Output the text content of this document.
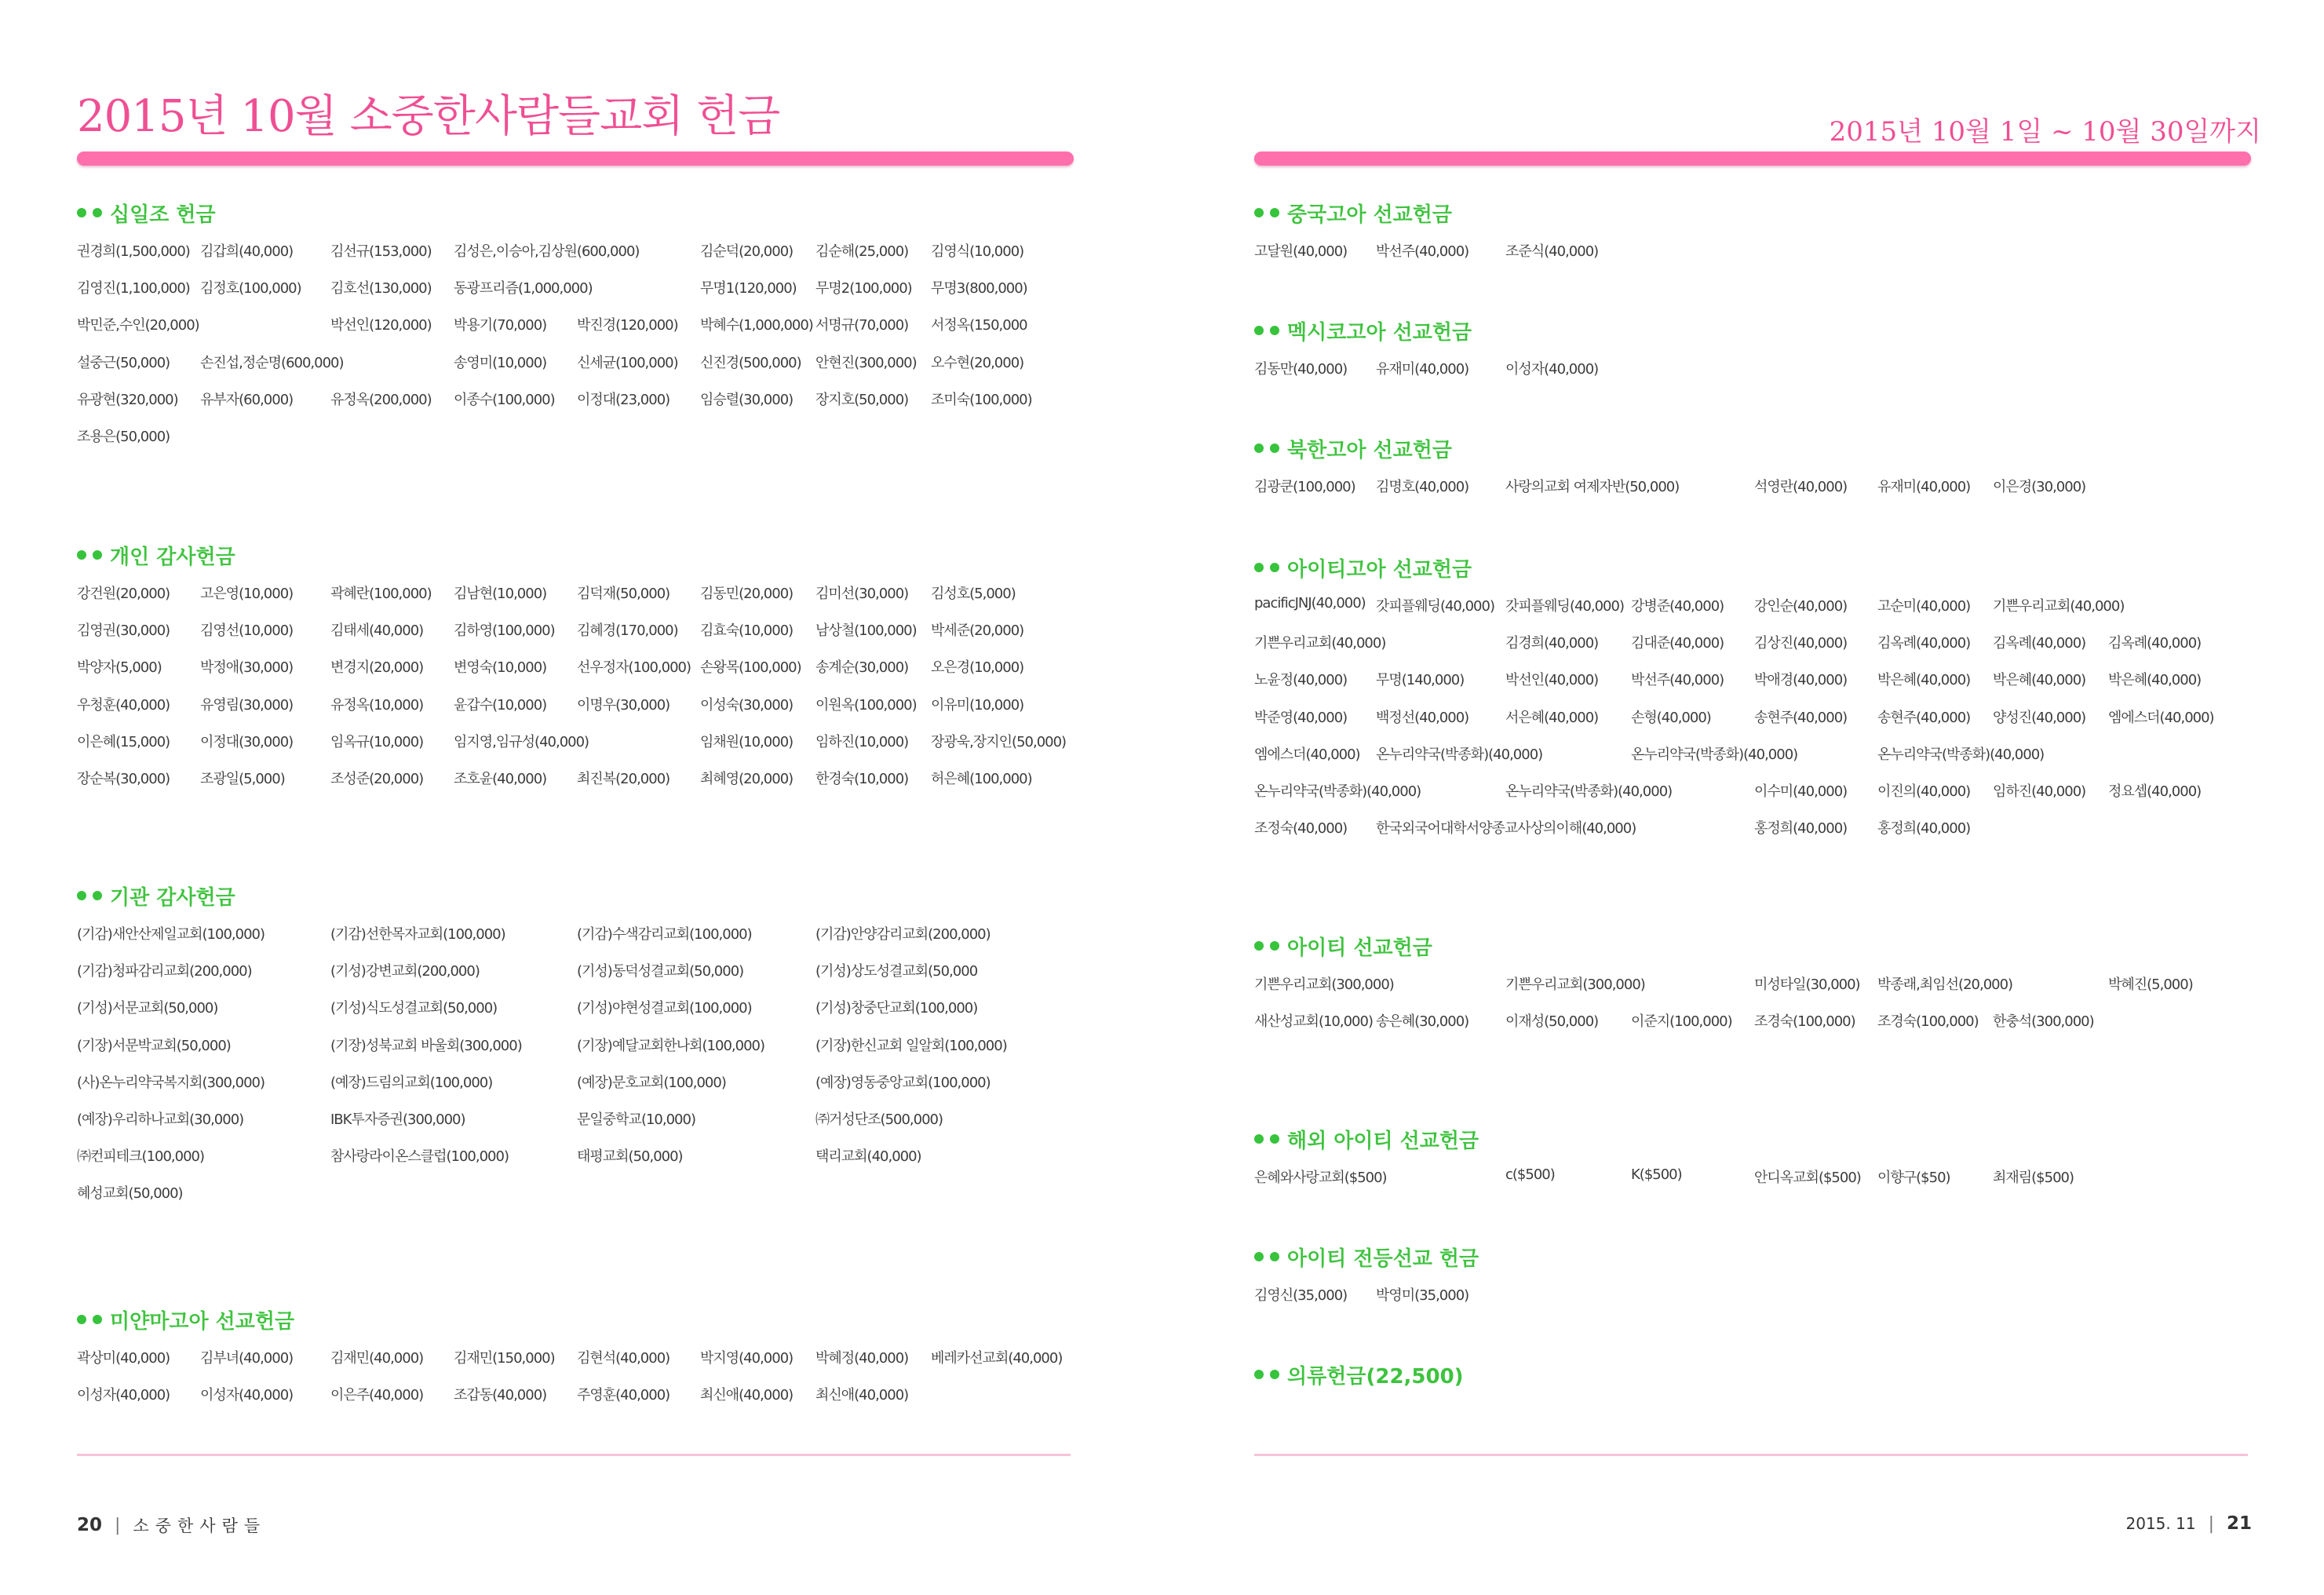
2015년 10월 소중한사람들교회 헌금	2015년 10월 1일 ~ 10월 30일까지
십일조 헌금
권경희(1,500,000) 김갑희(40,000)	김선규(153,000) 김성은,이승아,김상원(600,000)	김순덕(20,000) 김순해(25,000) 김영식(10,000)
김영진(1,100,000) 김정호(100,000) 김호선(130,000) 동광프리즘(1,000,000)	무명1(120,000) 무명2(100,000) 무명3(800,000)
박민준,수인(20,000)	박선인(120,000) 박용기(70,000) 박진경(120,000) 박혜수(1,000,000) 서명규(70,000) 서정옥(150,000
설중근(50,000) 손진섭,정순명(600,000)	송영미(10,000) 신세균(100,000) 신진경(500,000) 안현진(300,000) 오수현(20,000)
유광현(320,000) 유부자(60,000)	유정옥(200,000) 이종수(100,000) 이정대(23,000) 임승렬(30,000) 장지호(50,000) 조미숙(100,000)
조용은(50,000)
개인 감사헌금
강건원(20,000) 고은영(10,000)	곽혜란(100,000) 김남현(10,000) 김덕재(50,000) 김동민(20,000) 김미선(30,000) 김성호(5,000)
김영권(30,000) 김영선(10,000)	김태세(40,000) 김하영(100,000) 김혜경(170,000) 김효숙(10,000) 남상철(100,000) 박세준(20,000)
박양자(5,000)	박정애(30,000)	변경지(20,000) 변영숙(10,000) 선우정자(100,000) 손왕목(100,000) 송계순(30,000) 오은경(10,000)
우청훈(40,000) 유영림(30,000)	유정옥(10,000) 윤갑수(10,000) 이명우(30,000) 이성숙(30,000) 이원옥(100,000) 이유미(10,000)
이은혜(15,000) 이정대(30,000)	임옥규(10,000) 임지영,임규성(40,000)	임채원(10,000) 임하진(10,000) 장광욱,장지인(50,000)
장순복(30,000) 조광일(5,000)	조성준(20,000) 조호윤(40,000) 최진복(20,000) 최혜영(20,000) 한경숙(10,000) 허은혜(100,000)
기관 감사헌금
(기감)새안산제일교회(100,000)	(기감)선한목자교회(100,000)	(기감)수색감리교회(100,000)	(기감)안양감리교회(200,000)
(기감)청파감리교회(200,000)	(기성)강변교회(200,000)	(기성)동덕성결교회(50,000)	(기성)상도성결교회(50,000
(기성)서문교회(50,000)	(기성)식도성결교회(50,000)	(기성)야현성결교회(100,000)	(기성)창중단교회(100,000)
(기장)서문박교회(50,000)	(기장)성북교회 바울회(300,000)	(기장)예달교회한나회(100,000)	(기장)한신교회 일알회(100,000)
(사)온누리약국복지회(300,000)	(예장)드림의교회(100,000)	(예장)문호교회(100,000)	(예장)영동중앙교회(100,000)
(예장)우리하나교회(30,000)	IBK투자증권(300,000)	문일중학교(10,000)	㈜거성단조(500,000)
㈜컨피테크(100,000)	참사랑라이온스클럽(100,000)	태평교회(50,000)	택리교회(40,000)
혜성교회(50,000)
미얀마고아 선교헌금
곽상미(40,000) 김부녀(40,000)	김재민(40,000) 김재민(150,000) 김현석(40,000) 박지영(40,000) 박혜정(40,000) 베레카선교회(40,000)
이성자(40,000) 이성자(40,000)	이은주(40,000) 조갑동(40,000) 주영훈(40,000) 최신애(40,000) 최신애(40,000)
중국고아 선교헌금
고달원(40,000) 박선주(40,000)	조준식(40,000)
멕시코고아 선교헌금
김동만(40,000) 유재미(40,000)	이성자(40,000)
북한고아 선교헌금
김광쿤(100,000) 김명호(40,000)	사랑의교회 여제자반(50,000)	석영란(40,000) 유재미(40,000) 이은경(30,000)
아이티고아 선교헌금
pacificJNJ(40,000) 갓피플웨딩(40,000) 갓피플웨딩(40,000) 강병준(40,000) 강인순(40,000) 고순미(40,000) 기쁜우리교회(40,000)
기쁜우리교회(40,000)	김경희(40,000) 김대준(40,000) 김상진(40,000) 김옥례(40,000) 김옥례(40,000) 김옥례(40,000)
노윤정(40,000) 무명(140,000)	박선인(40,000) 박선주(40,000) 박애경(40,000) 박은혜(40,000) 박은혜(40,000) 박은혜(40,000)
박준영(40,000) 백정선(40,000)	서은혜(40,000) 손형(40,000)	송현주(40,000) 송현주(40,000) 양성진(40,000) 엠에스더(40,000)
엠에스더(40,000) 온누리약국(박종화)(40,000)	온누리약국(박종화)(40,000)	온누리약국(박종화)(40,000)
온누리약국(박종화)(40,000)	온누리약국(박종화)(40,000)	이수미(40,000) 이진의(40,000) 임하진(40,000) 정요셉(40,000)
조정숙(40,000) 한국외국어대학서양종교사상의이해(40,000)	홍정희(40,000) 홍정희(40,000)
아이티 선교헌금
기쁜우리교회(300,000)	기쁜우리교회(300,000)	미성타일(30,000) 박종래,최임선(20,000)	박혜진(5,000)
새산성교회(10,000) 송은혜(30,000)	이재성(50,000) 이준지(100,000) 조경숙(100,000) 조경숙(100,000) 한충석(300,000)
해외 아이티 선교헌금
은혜와사랑교회($500)	c($500)	K($500)	안디옥교회($500) 이향구($50)	최재림($500)
아이티 전등선교 헌금
김영신(35,000) 박영미(35,000)
의류헌금(22,500)
20 | 소중한사람들	2015. 11 | 21
